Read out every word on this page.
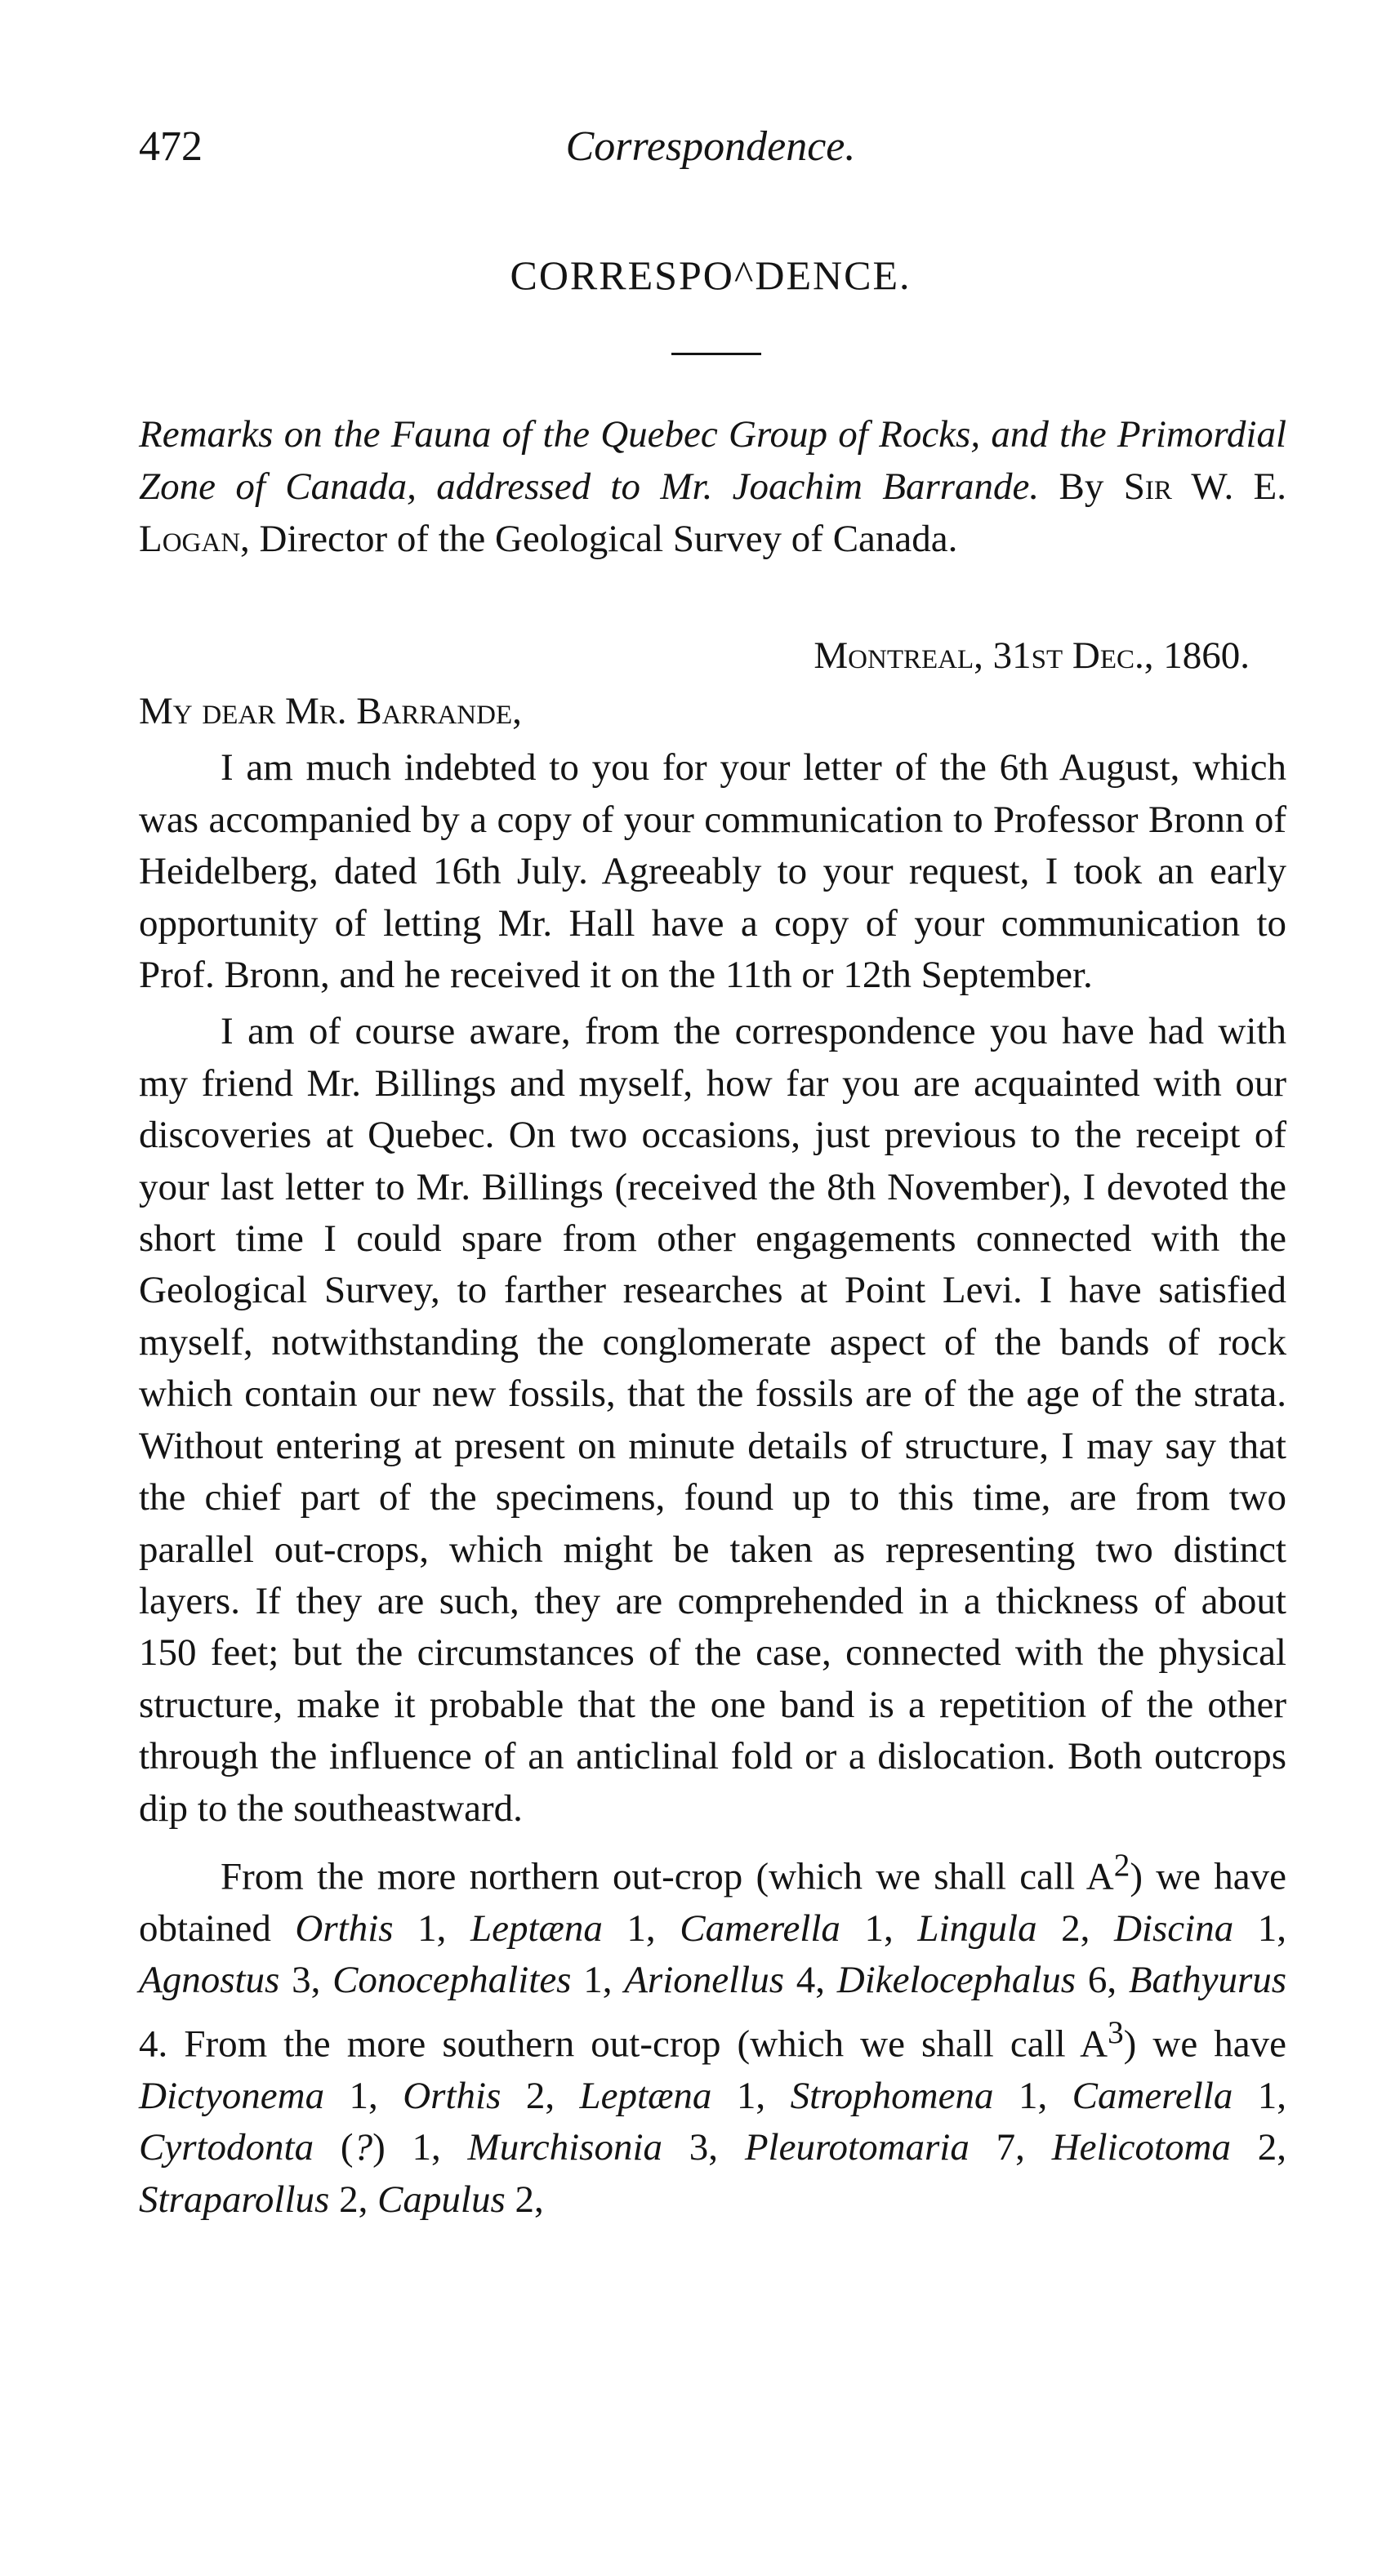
472	Correspondence.
CORRESPO^DENCE.
Remarks on the Fauna of the Quebec Group of Rocks, and the Primordial Zone of Canada, addressed to Mr. Joachim Barrande. By Sir W. E. Logan, Director of the Geological Survey of Canada.
Montreal, 31st Dec., 1860.

My dear Mr. Barrande,

I am much indebted to you for your letter of the 6th August, which was accompanied by a copy of your communication to Professor Bronn of Heidelberg, dated 16th July. Agreeably to your request, I took an early opportunity of letting Mr. Hall have a copy of your communication to Prof. Bronn, and he received it on the 11th or 12th September.

I am of course aware, from the correspondence you have had with my friend Mr. Billings and myself, how far you are acquainted with our discoveries at Quebec. On two occasions, just previous to the receipt of your last letter to Mr. Billings (received the 8th November), I devoted the short time I could spare from other engagements connected with the Geological Survey, to farther researches at Point Levi. I have satisfied myself, notwithstanding the conglomerate aspect of the bands of rock which contain our new fossils, that the fossils are of the age of the strata. Without entering at present on minute details of structure, I may say that the chief part of the specimens, found up to this time, are from two parallel out-crops, which might be taken as representing two distinct layers. If they are such, they are comprehended in a thickness of about 150 feet; but the circumstances of the case, connected with the physical structure, make it probable that the one band is a repetition of the other through the influence of an anticlinal fold or a dislocation. Both outcrops dip to the southeastward.

From the more northern out-crop (which we shall call $A^2$) we have obtained Orthis 1, Leptæna 1, Camerella 1, Lingula 2, Discina 1, Agnostus 3, Conocephalites 1, Arionellus 4, Dikelocephalus 6, Bathyurus 4. From the more southern out-crop (which we shall call $A^3$) we have Dictyonema 1, Orthis 2, Leptæna 1, Strophomena 1, Camerella 1, Cyrtodonta (?) 1, Murchisonia 3, Pleurotomaria 7, Helicotoma 2, Straparollus 2, Capulus 2,
